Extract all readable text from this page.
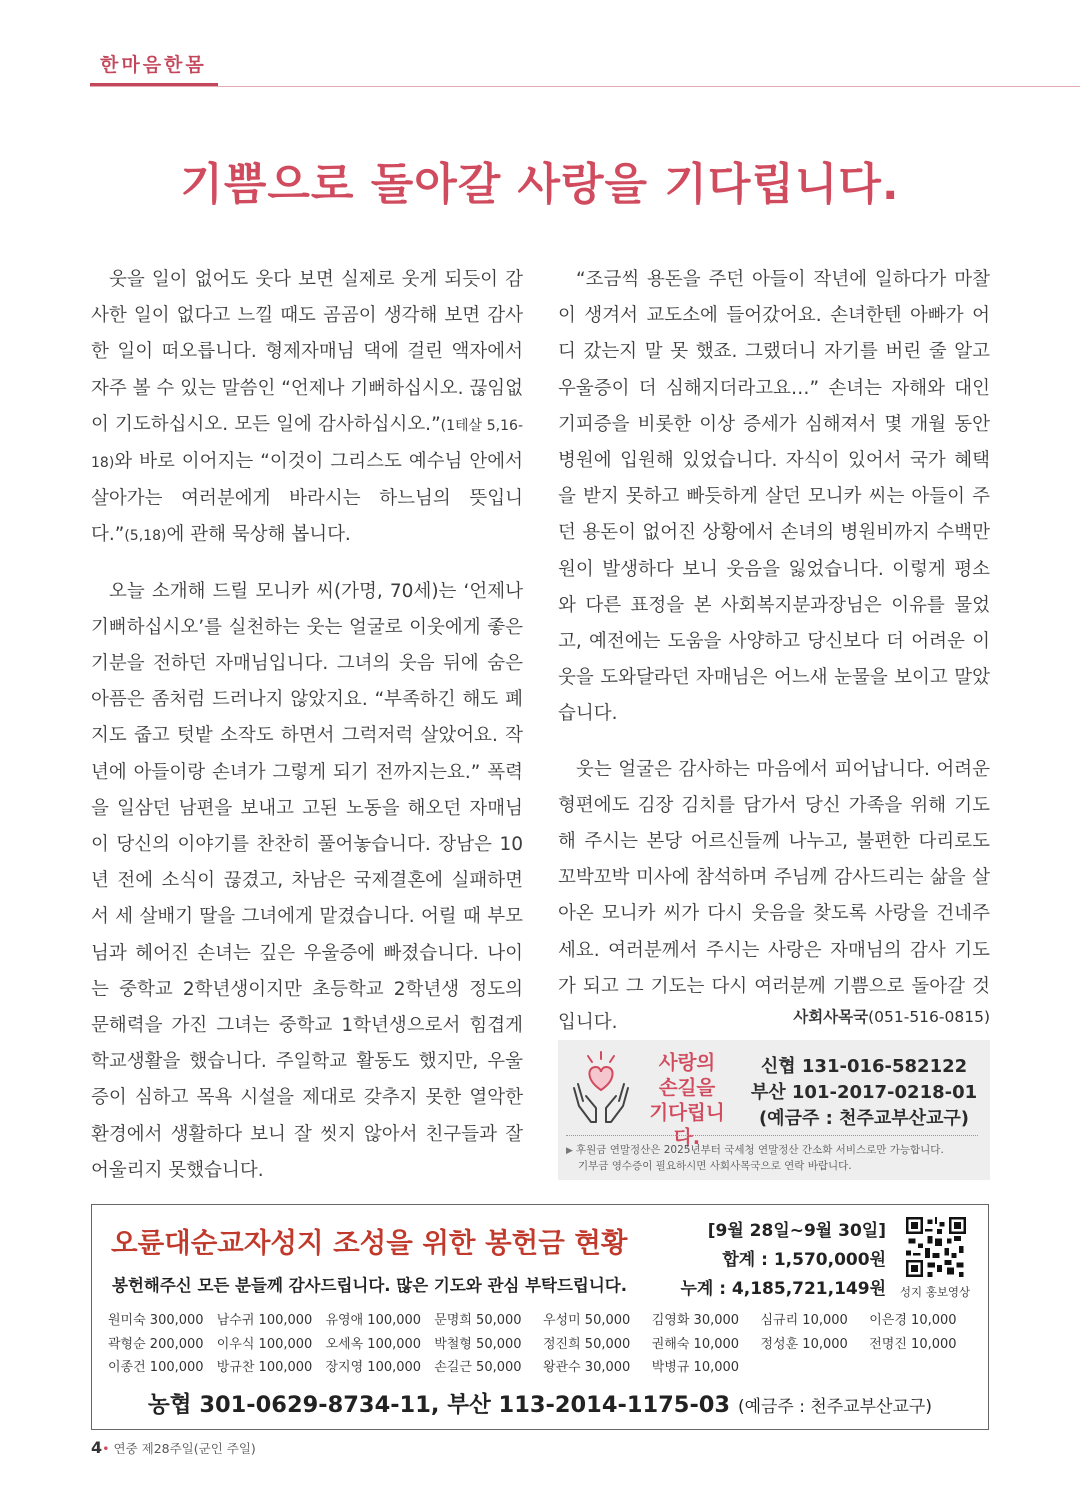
한마음한몸
기쁨으로 돌아갈 사랑을 기다립니다.

웃을 일이 없어도 웃다 보면 실제로 웃게 되듯이 감사한 일이 없다고 느낄 때도 곰곰이 생각해 보면 감사한 일이 떠오릅니다. 형제자매님 댁에 걸린 액자에서 자주 볼 수 있는 말씀인 “언제나 기뻐하십시오. 끊임없이 기도하십시오. 모든 일에 감사하십시오.”(1테살 5,16-18)와 바로 이어지는 “이것이 그리스도 예수님 안에서 살아가는 여러분에게 바라시는 하느님의 뜻입니다.”(5,18)에 관해 묵상해 봅니다.

오늘 소개해 드릴 모니카 씨(가명, 70세)는 ‘언제나 기뻐하십시오’를 실천하는 웃는 얼굴로 이웃에게 좋은 기분을 전하던 자매님입니다. 그녀의 웃음 뒤에 숨은 아픔은 좀처럼 드러나지 않았지요. “부족하긴 해도 폐지도 줍고 텃밭 소작도 하면서 그럭저럭 살았어요. 작년에 아들이랑 손녀가 그렇게 되기 전까지는요.” 폭력을 일삼던 남편을 보내고 고된 노동을 해오던 자매님이 당신의 이야기를 찬찬히 풀어놓습니다. 장남은 10년 전에 소식이 끊겼고, 차남은 국제결혼에 실패하면서 세 살배기 딸을 그녀에게 맡겼습니다. 어릴 때 부모님과 헤어진 손녀는 깊은 우울증에 빠졌습니다. 나이는 중학교 2학년생이지만 초등학교 2학년생 정도의 문해력을 가진 그녀는 중학교 1학년생으로서 힘겹게 학교생활을 했습니다. 주일학교 활동도 했지만, 우울증이 심하고 목욕 시설을 제대로 갖추지 못한 열악한 환경에서 생활하다 보니 잘 씻지 않아서 친구들과 잘 어울리지 못했습니다.

“조금씩 용돈을 주던 아들이 작년에 일하다가 마찰이 생겨서 교도소에 들어갔어요. 손녀한텐 아빠가 어디 갔는지 말 못 했죠. 그랬더니 자기를 버린 줄 알고 우울증이 더 심해지더라고요…” 손녀는 자해와 대인기피증을 비롯한 이상 증세가 심해져서 몇 개월 동안 병원에 입원해 있었습니다. 자식이 있어서 국가 혜택을 받지 못하고 빠듯하게 살던 모니카 씨는 아들이 주던 용돈이 없어진 상황에서 손녀의 병원비까지 수백만 원이 발생하다 보니 웃음을 잃었습니다. 이렇게 평소와 다른 표정을 본 사회복지분과장님은 이유를 물었고, 예전에는 도움을 사양하고 당신보다 더 어려운 이웃을 도와달라던 자매님은 어느새 눈물을 보이고 말았습니다.

웃는 얼굴은 감사하는 마음에서 피어납니다. 어려운 형편에도 김장 김치를 담가서 당신 가족을 위해 기도해 주시는 본당 어르신들께 나누고, 불편한 다리로도 꼬박꼬박 미사에 참석하며 주님께 감사드리는 삶을 살아온 모니카 씨가 다시 웃음을 찾도록 사랑을 건네주세요. 여러분께서 주시는 사랑은 자매님의 감사 기도가 되고 그 기도는 다시 여러분께 기쁨으로 돌아갈 것입니다.	사회사목국(051-516-0815)
사랑의
손길을
기다립니다.
신협 131-016-582122
부산 101-2017-0218-01
(예금주 : 천주교부산교구)
▶ 후원금 연말정산은 2025년부터 국세청 연말정산 간소화 서비스로만 가능합니다.
기부금 영수증이 필요하시면 사회사목국으로 연락 바랍니다.
오륜대순교자성지 조성을 위한 봉헌금 현황
봉헌해주신 모든 분들께 감사드립니다. 많은 기도와 관심 부탁드립니다.
[9월 28일~9월 30일]
합계 : 1,570,000원
누계 : 4,185,721,149원	성지 홍보영상
원미숙 300,000	남수귀 100,000	유영애 100,000	문명희 50,000	우성미 50,000	김영화 30,000	심규리 10,000	이은경 10,000
곽형순 200,000	이우식 100,000	오세옥 100,000	박철형 50,000	정진희 50,000	권해숙 10,000	정성훈 10,000	전명진 10,000
이종건 100,000	방규찬 100,000	장지영 100,000	손길근 50,000	왕관수 30,000	박병규 10,000
농협 301-0629-8734-11, 부산 113-2014-1175-03 (예금주 : 천주교부산교구)
4• 연중 제28주일(군인 주일)
